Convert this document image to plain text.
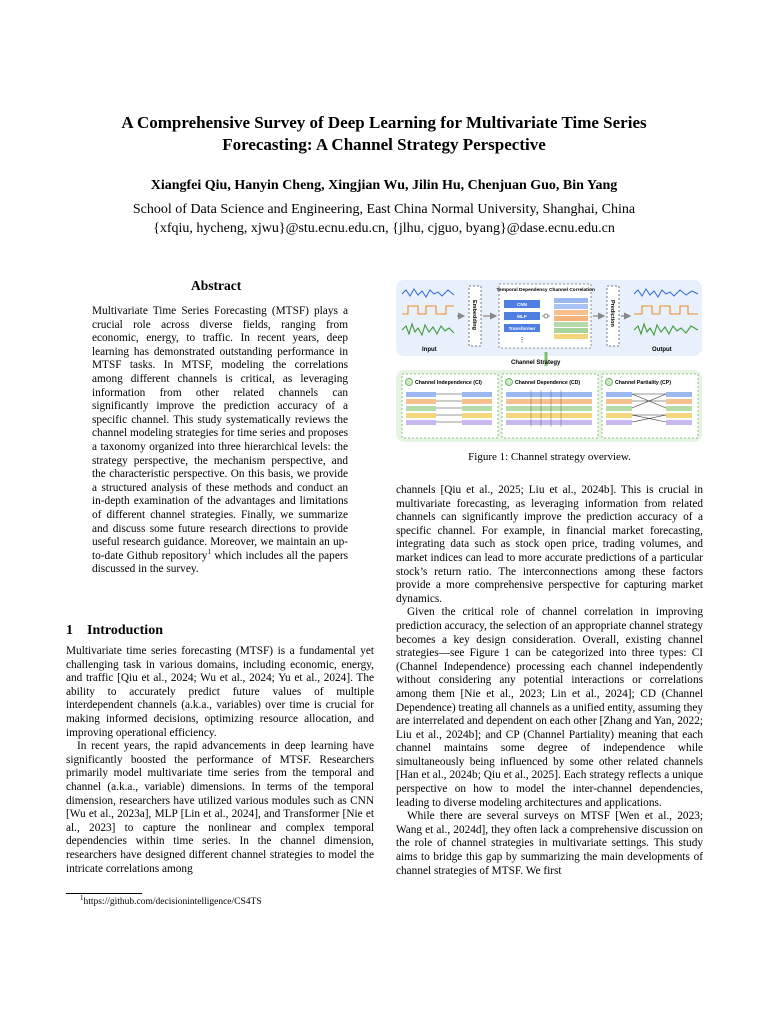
A Comprehensive Survey of Deep Learning for Multivariate Time Series
Forecasting: A Channel Strategy Perspective
Xiangfei Qiu, Hanyin Cheng, Xingjian Wu, Jilin Hu, Chenjuan Guo, Bin Yang
School of Data Science and Engineering, East China Normal University, Shanghai, China
{xfqiu, hycheng, xjwu}@stu.ecnu.edu.cn, {jlhu, cjguo, byang}@dase.ecnu.edu.cn
Abstract

Multivariate Time Series Forecasting (MTSF) plays a crucial role across diverse fields, ranging from economic, energy, to traffic. In recent years, deep learning has demonstrated outstanding performance in MTSF tasks. In MTSF, modeling the correlations among different channels is critical, as leveraging information from other related channels can significantly improve the prediction accuracy of a specific channel. This study systematically reviews the channel modeling strategies for time series and proposes a taxonomy organized into three hierarchical levels: the strategy perspective, the mechanism perspective, and the characteristic perspective. On this basis, we provide a structured analysis of these methods and conduct an in-depth examination of the advantages and limitations of different channel strategies. Finally, we summarize and discuss some future research directions to provide useful research guidance. Moreover, we maintain an up-to-date Github repository$^1$ which includes all the papers discussed in the survey.

1 Introduction

Multivariate time series forecasting (MTSF) is a fundamental yet challenging task in various domains, including economic, energy, and traffic [Qiu et al., 2024; Wu et al., 2024; Yu et al., 2024]. The ability to accurately predict future values of multiple interdependent channels (a.k.a., variables) over time is crucial for making informed decisions, optimizing resource allocation, and improving operational efficiency.

In recent years, the rapid advancements in deep learning have significantly boosted the performance of MTSF. Researchers primarily model multivariate time series from the temporal and channel (a.k.a., variable) dimensions. In terms of the temporal dimension, researchers have utilized various modules such as CNN [Wu et al., 2023a], MLP [Lin et al., 2024], and Transformer [Nie et al., 2023] to capture the nonlinear and complex temporal dependencies within time series. In the channel dimension, researchers have designed different channel strategies to model the intricate correlations among

$^1$https://github.com/decisionintelligence/CS4TS
Input
Embedding
Temporal Dependency Channel Correlation
CNN
MLP
Transformer
⋮
Prediction
Output
Channel Strategy
Channel Independence (CI)	Channel Dependence (CD)	Channel Partiality (CP)
Figure 1: Channel strategy overview.

channels [Qiu et al., 2025; Liu et al., 2024b]. This is crucial in multivariate forecasting, as leveraging information from related channels can significantly improve the prediction accuracy of a specific channel. For example, in financial market forecasting, integrating data such as stock open price, trading volumes, and market indices can lead to more accurate predictions of a particular stock’s return ratio. The interconnections among these factors provide a more comprehensive perspective for capturing market dynamics.

Given the critical role of channel correlation in improving prediction accuracy, the selection of an appropriate channel strategy becomes a key design consideration. Overall, existing channel strategies—see Figure 1 can be categorized into three types: CI (Channel Independence) processing each channel independently without considering any potential interactions or correlations among them [Nie et al., 2023; Lin et al., 2024]; CD (Channel Dependence) treating all channels as a unified entity, assuming they are interrelated and dependent on each other [Zhang and Yan, 2022; Liu et al., 2024b]; and CP (Channel Partiality) meaning that each channel maintains some degree of independence while simultaneously being influenced by some other related channels [Han et al., 2024b; Qiu et al., 2025]. Each strategy reflects a unique perspective on how to model the inter-channel dependencies, leading to diverse modeling architectures and applications.

While there are several surveys on MTSF [Wen et al., 2023; Wang et al., 2024d], they often lack a comprehensive discussion on the role of channel strategies in multivariate settings. This study aims to bridge this gap by summarizing the main developments of channel strategies of MTSF. We first
